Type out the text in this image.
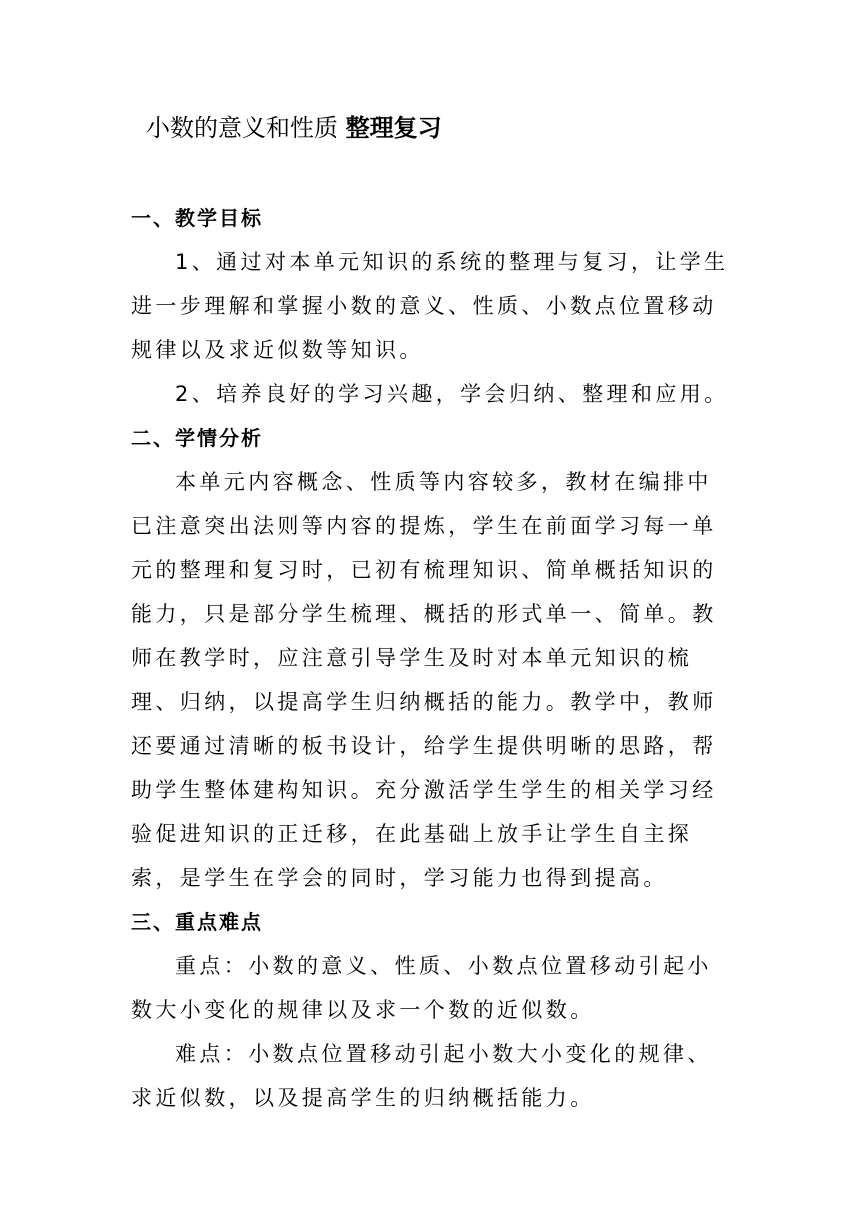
小数的意义和性质 整理复习

一、教学目标

1、通过对本单元知识的系统的整理与复习，让学生进一步理解和掌握小数的意义、性质、小数点位置移动规律以及求近似数等知识。

2、培养良好的学习兴趣，学会归纳、整理和应用。

二、学情分析

本单元内容概念、性质等内容较多，教材在编排中已注意突出法则等内容的提炼，学生在前面学习每一单元的整理和复习时，已初有梳理知识、简单概括知识的能力，只是部分学生梳理、概括的形式单一、简单。教师在教学时，应注意引导学生及时对本单元知识的梳理、归纳，以提高学生归纳概括的能力。教学中，教师还要通过清晰的板书设计，给学生提供明晰的思路，帮助学生整体建构知识。充分激活学生学生的相关学习经验促进知识的正迁移，在此基础上放手让学生自主探索，是学生在学会的同时，学习能力也得到提高。

三、重点难点

重点：小数的意义、性质、小数点位置移动引起小数大小变化的规律以及求一个数的近似数。

难点：小数点位置移动引起小数大小变化的规律、求近似数，以及提高学生的归纳概括能力。
